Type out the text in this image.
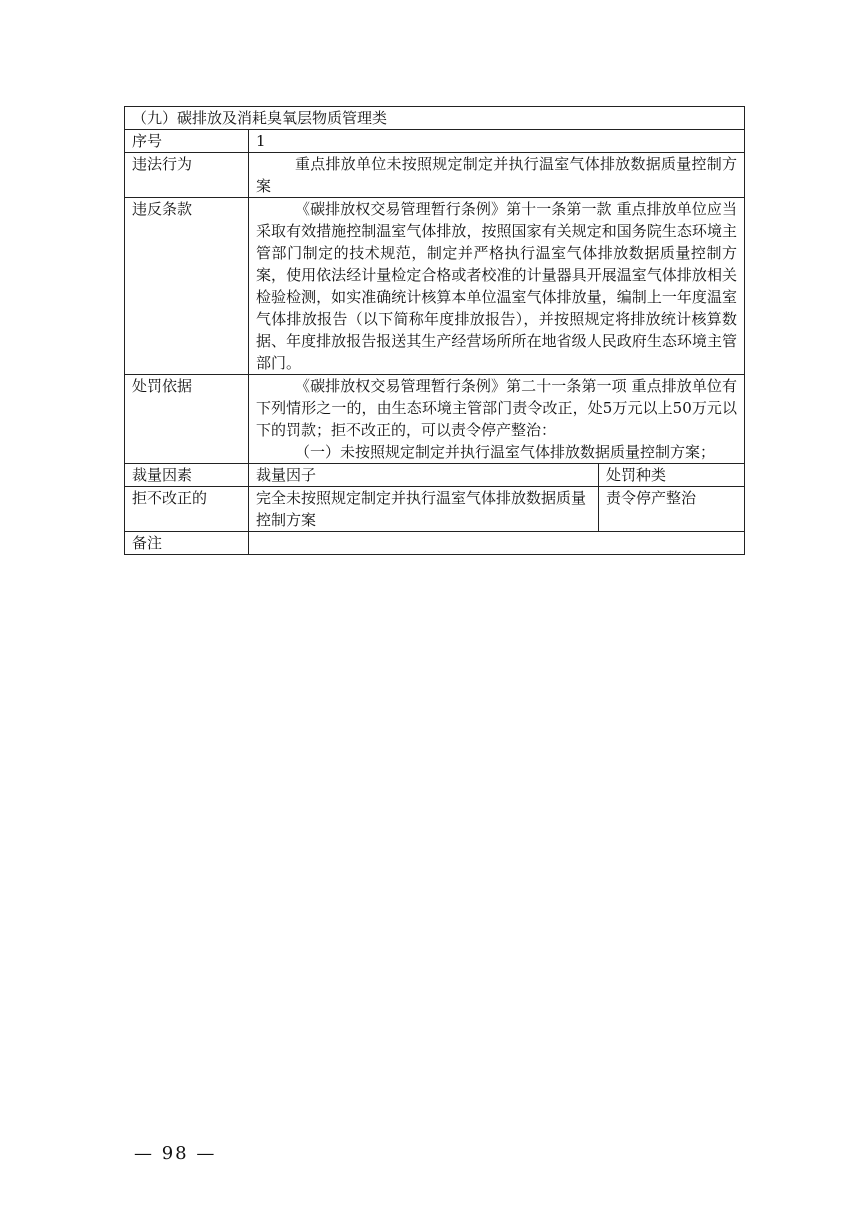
（九）碳排放及消耗臭氧层物质管理类		
序号	1	
违法行为	重点排放单位未按照规定制定并执行温室气体排放数据质量控制方案	
违反条款	《碳排放权交易管理暂行条例》第十一条第一款 重点排放单位应当采取有效措施控制温室气体排放，按照国家有关规定和国务院生态环境主管部门制定的技术规范，制定并严格执行温室气体排放数据质量控制方案，使用依法经计量检定合格或者校准的计量器具开展温室气体排放相关检验检测，如实准确统计核算本单位温室气体排放量，编制上一年度温室气体排放报告（以下简称年度排放报告），并按照规定将排放统计核算数据、年度排放报告报送其生产经营场所所在地省级人民政府生态环境主管部门。	
处罚依据	《碳排放权交易管理暂行条例》第二十一条第一项 重点排放单位有下列情形之一的，由生态环境主管部门责令改正，处5万元以上50万元以下的罚款；拒不改正的，可以责令停产整治：
（一）未按照规定制定并执行温室气体排放数据质量控制方案；	

裁量因素	裁量因子	处罚种类
拒不改正的	完全未按照规定制定并执行温室气体排放数据质量控制方案	责令停产整治
备注		
— 98 —
